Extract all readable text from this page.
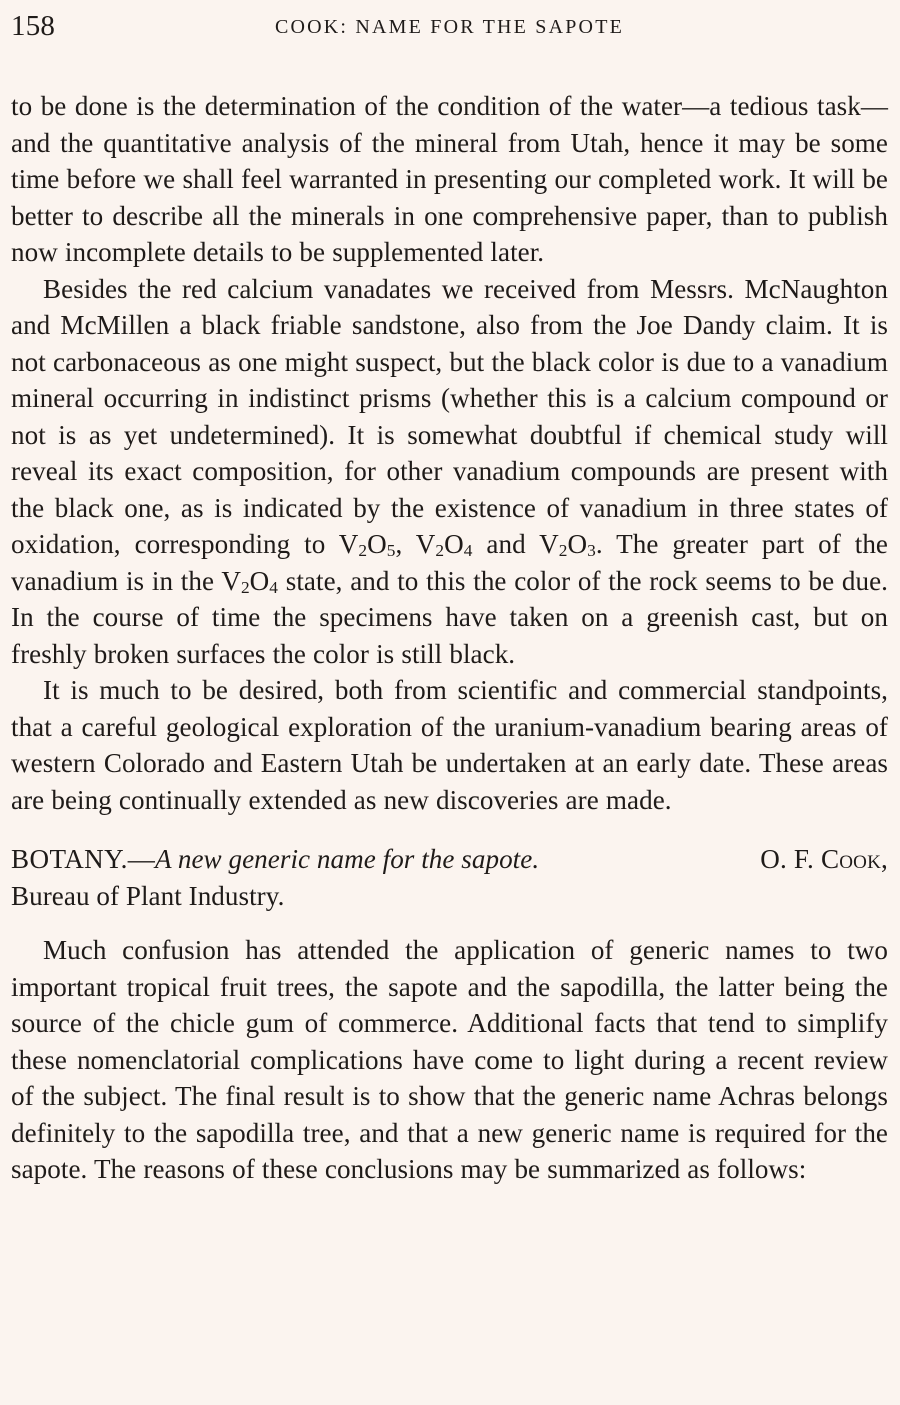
158	COOK: NAME FOR THE SAPOTE

to be done is the determination of the condition of the water—a tedious task—and the quantitative analysis of the mineral from Utah, hence it may be some time before we shall feel warranted in presenting our completed work. It will be better to describe all the minerals in one comprehensive paper, than to publish now incomplete details to be supplemented later.

Besides the red calcium vanadates we received from Messrs. McNaughton and McMillen a black friable sandstone, also from the Joe Dandy claim. It is not carbonaceous as one might suspect, but the black color is due to a vanadium mineral occurring in indistinct prisms (whether this is a calcium compound or not is as yet undetermined). It is somewhat doubtful if chemical study will reveal its exact composition, for other vanadium compounds are present with the black one, as is indicated by the existence of vanadium in three states of oxidation, corresponding to $V_2O_5$, $V_2O_4$ and $V_2O_3$. The greater part of the vanadium is in the $V_2O_4$ state, and to this the color of the rock seems to be due. In the course of time the specimens have taken on a greenish cast, but on freshly broken surfaces the color is still black.

It is much to be desired, both from scientific and commercial standpoints, that a careful geological exploration of the uranium-vanadium bearing areas of western Colorado and Eastern Utah be undertaken at an early date. These areas are being continually extended as new discoveries are made.

BOTANY.—A new generic name for the sapote.	O. F. Cook,
Bureau of Plant Industry.

Much confusion has attended the application of generic names to two important tropical fruit trees, the sapote and the sapodilla, the latter being the source of the chicle gum of commerce. Additional facts that tend to simplify these nomenclatorial complications have come to light during a recent review of the subject. The final result is to show that the generic name Achras belongs definitely to the sapodilla tree, and that a new generic name is required for the sapote. The reasons of these conclusions may be summarized as follows:
